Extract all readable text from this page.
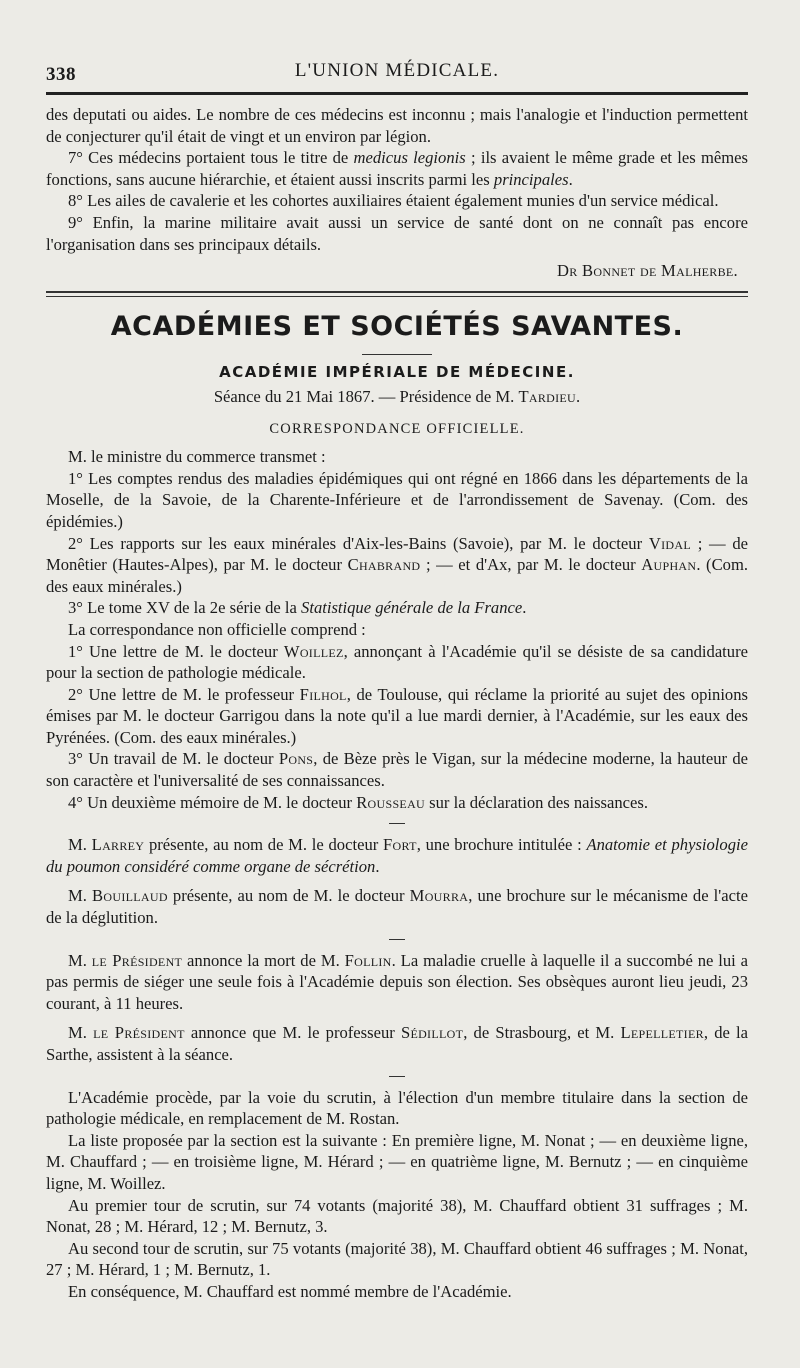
338	L'UNION MÉDICALE.

des deputati ou aides. Le nombre de ces médecins est inconnu ; mais l'analogie et l'induction permettent de conjecturer qu'il était de vingt et un environ par légion.

7° Ces médecins portaient tous le titre de medicus legionis ; ils avaient le même grade et les mêmes fonctions, sans aucune hiérarchie, et étaient aussi inscrits parmi les principales.

8° Les ailes de cavalerie et les cohortes auxiliaires étaient également munies d'un service médical.

9° Enfin, la marine militaire avait aussi un service de santé dont on ne connaît pas encore l'organisation dans ses principaux détails.

Dr Bonnet de Malherbe.
ACADÉMIES ET SOCIÉTÉS SAVANTES.
ACADÉMIE IMPÉRIALE DE MÉDECINE.
Séance du 21 Mai 1867. — Présidence de M. Tardieu.
CORRESPONDANCE OFFICIELLE.

M. le ministre du commerce transmet :

1° Les comptes rendus des maladies épidémiques qui ont régné en 1866 dans les départements de la Moselle, de la Savoie, de la Charente-Inférieure et de l'arrondissement de Savenay. (Com. des épidémies.)

2° Les rapports sur les eaux minérales d'Aix-les-Bains (Savoie), par M. le docteur Vidal ; — de Monêtier (Hautes-Alpes), par M. le docteur Chabrand ; — et d'Ax, par M. le docteur Auphan. (Com. des eaux minérales.)

3° Le tome XV de la 2e série de la Statistique générale de la France.

La correspondance non officielle comprend :

1° Une lettre de M. le docteur Woillez, annonçant à l'Académie qu'il se désiste de sa candidature pour la section de pathologie médicale.

2° Une lettre de M. le professeur Filhol, de Toulouse, qui réclame la priorité au sujet des opinions émises par M. le docteur Garrigou dans la note qu'il a lue mardi dernier, à l'Académie, sur les eaux des Pyrénées. (Com. des eaux minérales.)

3° Un travail de M. le docteur Pons, de Bèze près le Vigan, sur la médecine moderne, la hauteur de son caractère et l'universalité de ses connaissances.

4° Un deuxième mémoire de M. le docteur Rousseau sur la déclaration des naissances.

M. Larrey présente, au nom de M. le docteur Fort, une brochure intitulée : Anatomie et physiologie du poumon considéré comme organe de sécrétion.

M. Bouillaud présente, au nom de M. le docteur Mourra, une brochure sur le mécanisme de l'acte de la déglutition.

M. le Président annonce la mort de M. Follin. La maladie cruelle à laquelle il a succombé ne lui a pas permis de siéger une seule fois à l'Académie depuis son élection. Ses obsèques auront lieu jeudi, 23 courant, à 11 heures.

M. le Président annonce que M. le professeur Sédillot, de Strasbourg, et M. Lepelletier, de la Sarthe, assistent à la séance.

L'Académie procède, par la voie du scrutin, à l'élection d'un membre titulaire dans la section de pathologie médicale, en remplacement de M. Rostan.

La liste proposée par la section est la suivante : En première ligne, M. Nonat ; — en deuxième ligne, M. Chauffard ; — en troisième ligne, M. Hérard ; — en quatrième ligne, M. Bernutz ; — en cinquième ligne, M. Woillez.

Au premier tour de scrutin, sur 74 votants (majorité 38), M. Chauffard obtient 31 suffrages ; M. Nonat, 28 ; M. Hérard, 12 ; M. Bernutz, 3.

Au second tour de scrutin, sur 75 votants (majorité 38), M. Chauffard obtient 46 suffrages ; M. Nonat, 27 ; M. Hérard, 1 ; M. Bernutz, 1.

En conséquence, M. Chauffard est nommé membre de l'Académie.
